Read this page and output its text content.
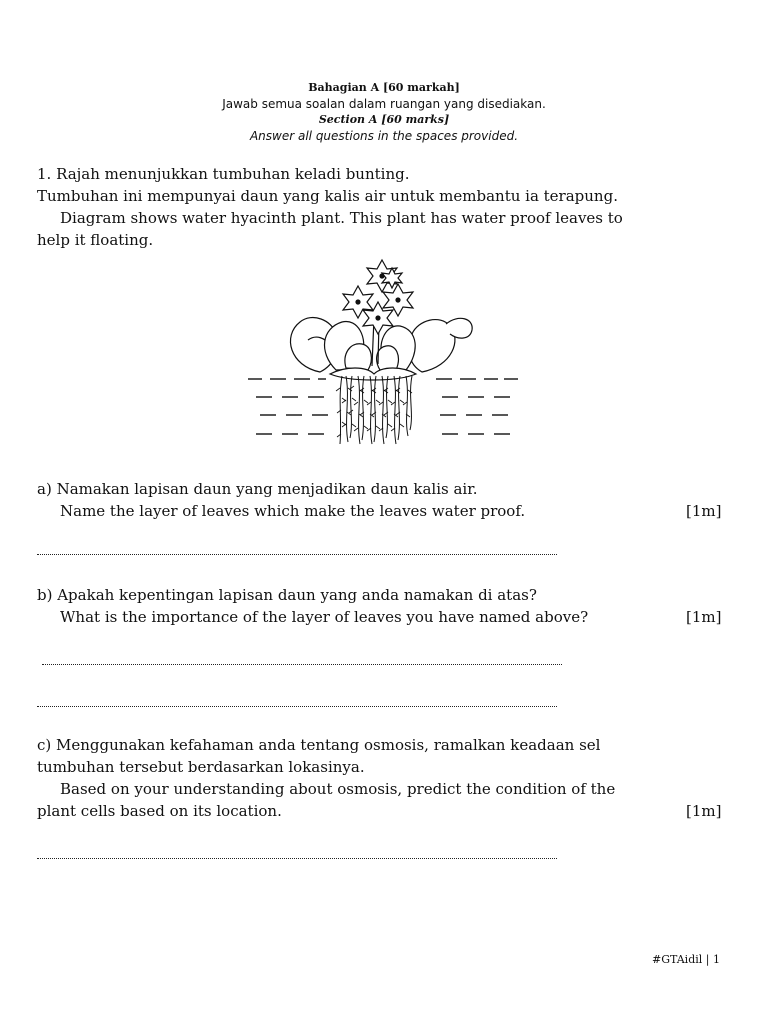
Bahagian A [60 markah]
Jawab semua soalan dalam ruangan yang disediakan.
Section A [60 marks]
Answer all questions in the spaces provided.
1. Rajah menunjukkan tumbuhan keladi bunting.
Tumbuhan ini mempunyai daun yang kalis air untuk membantu ia terapung.
Diagram shows water hyacinth plant. This plant has water proof leaves to
help it floating.
a) Namakan lapisan daun yang menjadikan daun kalis air.
Name the layer of leaves which make the leaves water proof.	[1m]
b) Apakah kepentingan lapisan daun yang anda namakan di atas?
What is the importance of the layer of leaves you have named above?	[1m]
c) Menggunakan kefahaman anda tentang osmosis, ramalkan keadaan sel
tumbuhan tersebut berdasarkan lokasinya.
Based on your understanding about osmosis, predict the condition of the
plant cells based on its location.	[1m]
#GTAidil | 1
